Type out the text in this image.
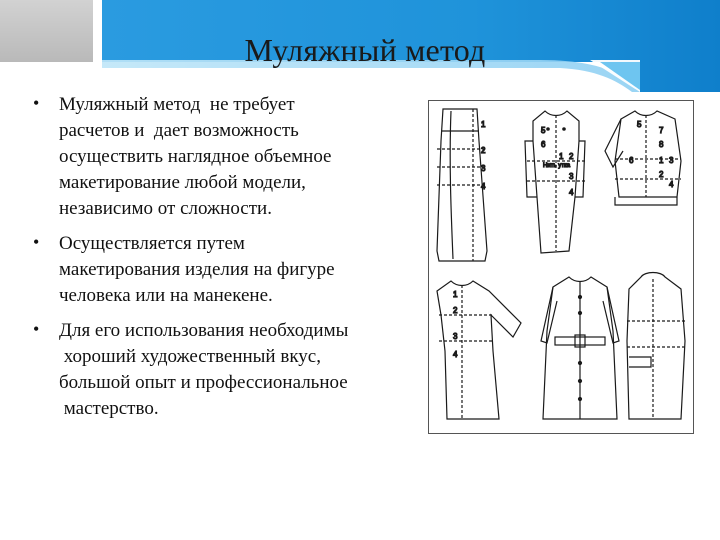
Муляжный метод
• Муляжный метод  не требует
расчетов и  дает возможность
осуществить наглядное объемное
макетирование любой модели,
независимо от сложности.
• Осуществляется путем
макетирования изделия на фигуре
человека или на манекене.
• Для его использования необходимы
хороший художественный вкус,
большой опыт и профессиональное
мастерство.
1
2
3
4
5
6
1 2
3
4
5
6
7
8
1
2
3
4
Нить утка
1
2
3
4
